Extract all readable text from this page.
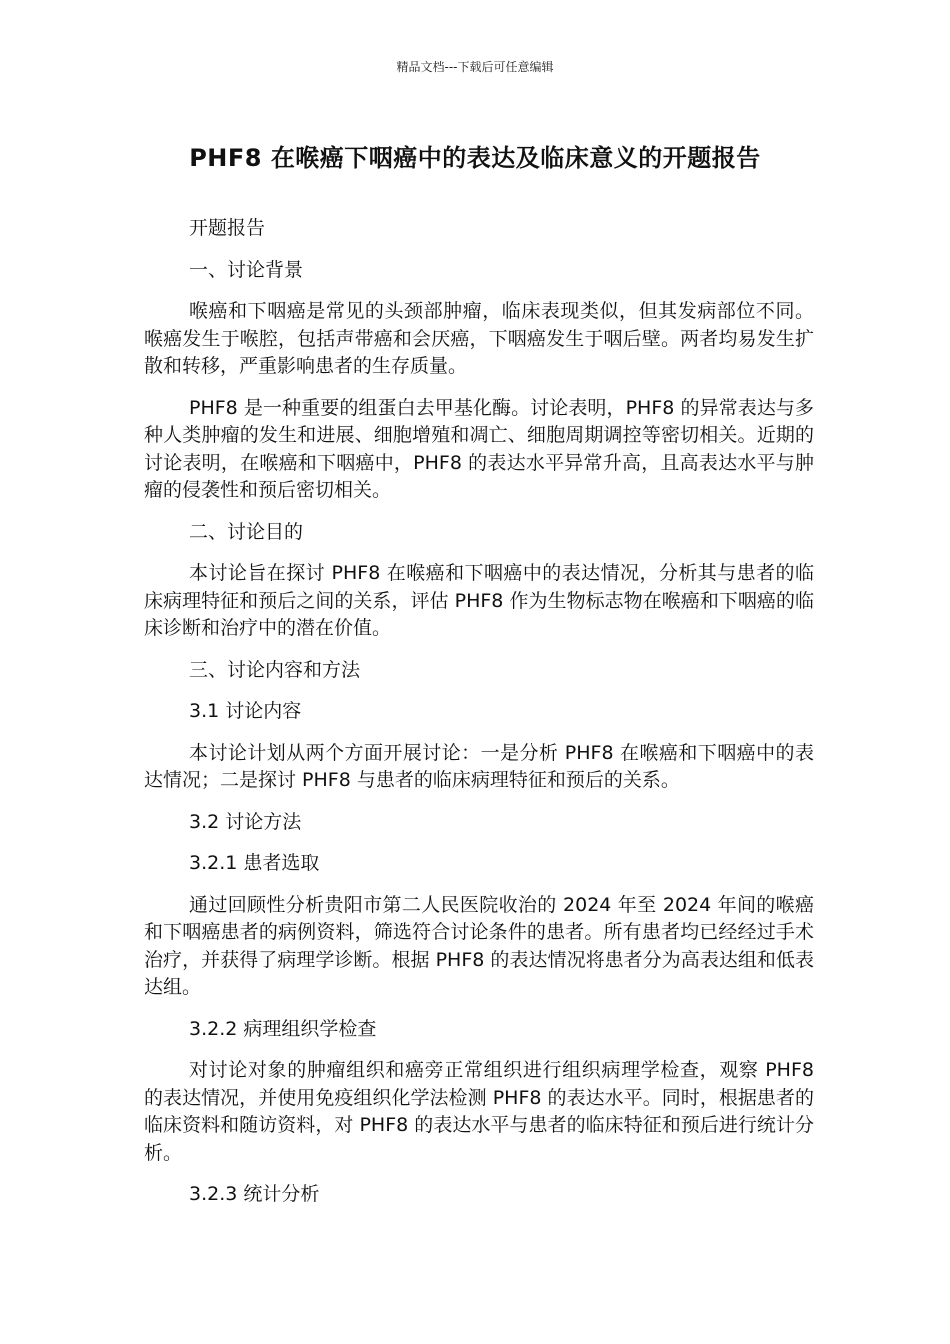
精品文档---下载后可任意编辑
PHF8 在喉癌下咽癌中的表达及临床意义的开题报告

开题报告

一、讨论背景

喉癌和下咽癌是常见的头颈部肿瘤，临床表现类似，但其发病部位不同。喉癌发生于喉腔，包括声带癌和会厌癌，下咽癌发生于咽后壁。两者均易发生扩散和转移，严重影响患者的生存质量。

PHF8 是一种重要的组蛋白去甲基化酶。讨论表明，PHF8 的异常表达与多种人类肿瘤的发生和进展、细胞增殖和凋亡、细胞周期调控等密切相关。近期的讨论表明，在喉癌和下咽癌中，PHF8 的表达水平异常升高，且高表达水平与肿瘤的侵袭性和预后密切相关。

二、讨论目的

本讨论旨在探讨 PHF8 在喉癌和下咽癌中的表达情况，分析其与患者的临床病理特征和预后之间的关系，评估 PHF8 作为生物标志物在喉癌和下咽癌的临床诊断和治疗中的潜在价值。

三、讨论内容和方法

3.1 讨论内容

本讨论计划从两个方面开展讨论：一是分析 PHF8 在喉癌和下咽癌中的表达情况；二是探讨 PHF8 与患者的临床病理特征和预后的关系。

3.2 讨论方法

3.2.1 患者选取

通过回顾性分析贵阳市第二人民医院收治的 2024 年至 2024 年间的喉癌和下咽癌患者的病例资料，筛选符合讨论条件的患者。所有患者均已经经过手术治疗，并获得了病理学诊断。根据 PHF8 的表达情况将患者分为高表达组和低表达组。

3.2.2 病理组织学检查

对讨论对象的肿瘤组织和癌旁正常组织进行组织病理学检查，观察 PHF8 的表达情况，并使用免疫组织化学法检测 PHF8 的表达水平。同时，根据患者的临床资料和随访资料，对 PHF8 的表达水平与患者的临床特征和预后进行统计分析。

3.2.3 统计分析
